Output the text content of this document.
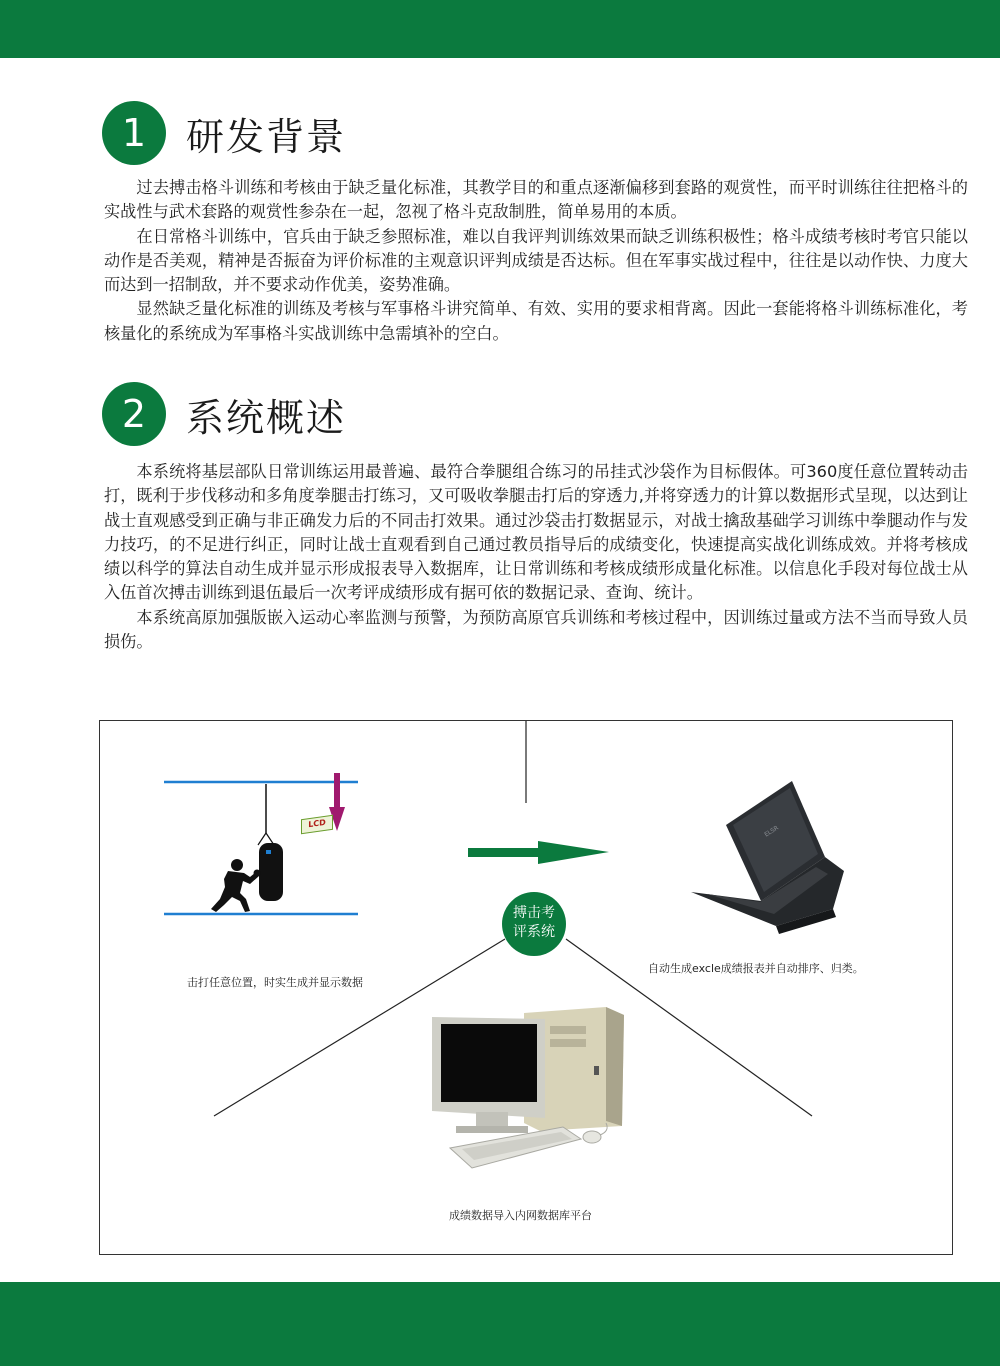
1	研发背景

过去搏击格斗训练和考核由于缺乏量化标准，其教学目的和重点逐渐偏移到套路的观赏性，而平时训练往往把格斗的实战性与武术套路的观赏性参杂在一起，忽视了格斗克敌制胜，简单易用的本质。

在日常格斗训练中，官兵由于缺乏参照标准，难以自我评判训练效果而缺乏训练积极性；格斗成绩考核时考官只能以动作是否美观，精神是否振奋为评价标准的主观意识评判成绩是否达标。但在军事实战过程中，往往是以动作快、力度大而达到一招制敌，并不要求动作优美，姿势准确。

显然缺乏量化标准的训练及考核与军事格斗讲究简单、有效、实用的要求相背离。因此一套能将格斗训练标准化，考核量化的系统成为军事格斗实战训练中急需填补的空白。

2	系统概述

本系统将基层部队日常训练运用最普遍、最符合拳腿组合练习的吊挂式沙袋作为目标假体。可360度任意位置转动击打，既利于步伐移动和多角度拳腿击打练习，又可吸收拳腿击打后的穿透力,并将穿透力的计算以数据形式呈现，以达到让战士直观感受到正确与非正确发力后的不同击打效果。通过沙袋击打数据显示，对战士擒敌基础学习训练中拳腿动作与发力技巧，的不足进行纠正，同时让战士直观看到自己通过教员指导后的成绩变化，快速提高实战化训练成效。并将考核成绩以科学的算法自动生成并显示形成报表导入数据库，让日常训练和考核成绩形成量化标准。以信息化手段对每位战士从入伍首次搏击训练到退伍最后一次考评成绩形成有据可依的数据记录、查询、统计。

本系统高原加强版嵌入运动心率监测与预警，为预防高原官兵训练和考核过程中，因训练过量或方法不当而导致人员损伤。

LCD
ELSR
搏击考
评系统
击打任意位置，时实生成并显示数据
自动生成excle成绩报表并自动排序、归类。
成绩数据导入内网数据库平台
